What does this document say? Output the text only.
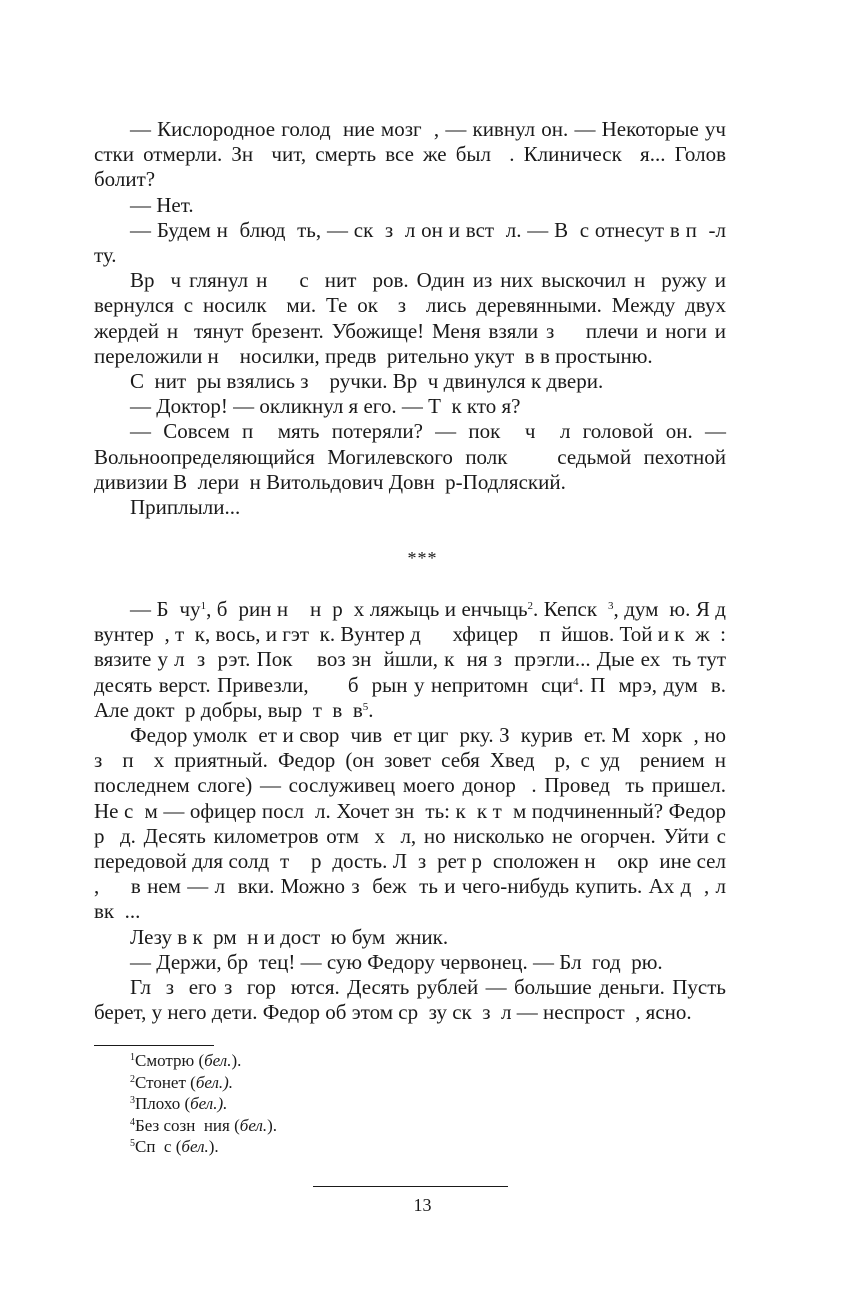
— Кислородное голод  ние мозг  , — кивнул он. — Некоторые уч  стки отмерли. Зн  чит, смерть все же был  . Клиническ  я... Голов  болит?

— Нет.

— Будем н  блюд  ть, — ск  з  л он и вст  л. — В  с отнесут в п  -л  ту.

Вр  ч глянул н    с  нит  ров. Один из них выскочил н  ружу и вернулся с носилк  ми. Те ок  з  лись деревянными. Между двух жердей н  тянут брезент. Убожище! Меня взяли з    плечи и ноги и переложили н    носилки, предв  рительно укут  в в простыню.

С  нит  ры взялись з    ручки. Вр  ч двинулся к двери.

— Доктор! — окликнул я его. — Т  к кто я?

— Совсем п  мять потеряли? — пок  ч  л головой он. — Вольноопределяющийся Могилевского полк    седьмой пехотной дивизии В  лери  н Витольдович Довн  р-Подляский.

Приплыли...

***

— Б  $чу^1$, б  рин н    н  р  х ляжыць и енчыць$^2$. Кепск  $^3$, дум  ю. Я д    вунтер  , т  к, вось, и гэт  к. Вунтер д      хфицер    п  йшов. Той и к  ж  : вязите у л  з  рэт. Пок    воз зн  йшли, к  ня з  прэгли... Дые ех  ть тут десять верст. Привезли,      б  рын у непритомн  сци$^4$. П  мрэ, дум  в. Але докт  р добры, выр  т  в  $в^5$.

Федор умолк  ет и свор  чив  ет циг  рку. З  курив  ет. М  хорк  , но з  п  х приятный. Федор (он зовет себя Хвед  р, с уд  рением н    последнем слоге) — сослуживец моего донор  . Провед  ть пришел. Не с  м — офицер посл  л. Хочет зн  ть: к  к т  м подчиненный? Федор р  д. Десять километров отм  х  л, но нисколько не огорчен. Уйти с передовой для солд  т    р  дость. Л  з  рет р  сположен н    окр  ине сел  ,     в нем — л  вки. Можно з  беж  ть и чего-нибудь купить. Ах д  , л  вк  ...

Лезу в к  рм  н и дост  ю бум  жник.

— Держи, бр  тец! — сую Федору червонец. — Бл  год  рю.

Гл  з  его з  гор  ются. Десять рублей — большие деньги. Пусть берет, у него дети. Федор об этом ср  зу ск  з  л — неспрост  , ясно.

$^1$Смотрю (бел.).
$^2$Стонет (бел.).
$^3$Плохо (бел.).
$^4$Без созн  ния (бел.).
$^5$Сп  с (бел.).
13
